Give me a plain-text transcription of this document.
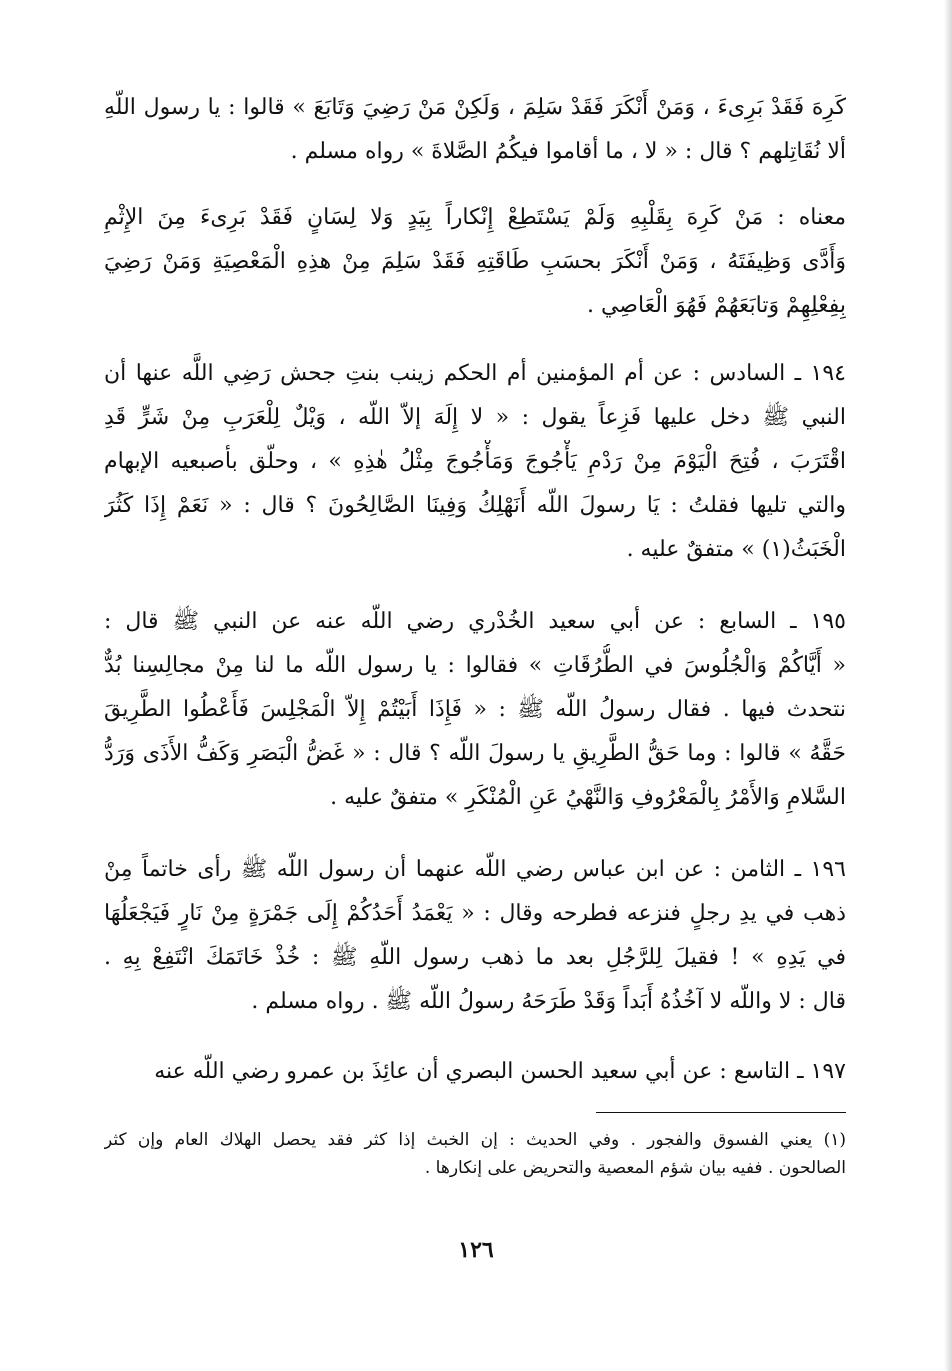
كَرِهَ فَقَدْ بَرِىءَ ، وَمَنْ أَنْكَرَ فَقَدْ سَلِمَ ، وَلَكِنْ مَنْ رَضِيَ وَتَابَعَ » قالوا : يا رسول اللّهِ
ألا نُقَاتِلهم ؟ قال : « لا ، ما أقاموا فيكُمُ الصَّلاةَ » رواه مسلم .
معناه : مَنْ كَرِهَ بِقَلْبِهِ وَلَمْ يَسْتَطِعْ إِنْكاراً بِيَدٍ وَلا لِسَانٍ فَقَدْ بَرِىءَ مِنَ الإِثْمِ
وَأَدَّى وَظِيفَتَهُ ، وَمَنْ أَنْكَرَ بحسَبِ طَاقَتِهِ فَقَدْ سَلِمَ مِنْ هذِهِ الْمَعْصِيَةِ وَمَنْ رَضِيَ
بِفِعْلِهِمْ وَتابَعَهُمْ فَهُوَ الْعَاصِي .
١٩٤ ـ السادس : عن أم المؤمنين أم الحكم زينب بنتِ جحش رَضِي اللَّه عنها أن
النبي ﷺ دخل عليها فَزِعاً يقول : « لا إِلَهَ إلاّ اللّه ، وَيْلٌ لِلْعَرَبِ مِنْ شَرٍّ قَدِ
اقْتَرَبَ ، فُتِحَ الْيَوْمَ مِنْ رَدْمِ يَأْجُوجَ وَمَأْجُوجَ مِثْلُ هٰذِهِ » ، وحلّق بأصبعيه الإبهام
والتي تليها فقلتُ : يَا رسولَ اللّه أَنَهْلِكُ وَفِينَا الصَّالِحُونَ ؟ قال : « نَعَمْ إِذَا كَثُرَ
الْخَبَثُ(١) » متفقٌ عليه .
١٩٥ ـ السابع : عن أبي سعيد الخُدْري رضي اللّه عنه عن النبي ﷺ قال :
« أَيَّاكُمْ وَالْجُلُوسَ في الطُّرُقَاتِ » فقالوا : يا رسول اللّه ما لنا مِنْ مجالِسِنا بُدٌّ
نتحدث فيها . فقال رسولُ اللّه ﷺ : « فَإِذَا أَبَيْتُمْ إِلاّ الْمَجْلِسَ فَأَعْطُوا الطَّرِيقَ
حَقَّهُ » قالوا : وما حَقُّ الطَّرِيقِ يا رسولَ اللّه ؟ قال : « غَضُّ الْبَصَرِ وَكَفُّ الأَذَى وَرَدُّ
السَّلامِ وَالأَمْرُ بِالْمَعْرُوفِ وَالنَّهْيُ عَنِ الْمُنْكَرِ » متفقٌ عليه .
١٩٦ ـ الثامن : عن ابن عباس رضي اللّه عنهما أن رسول اللّه ﷺ رأى خاتماً مِنْ
ذهب في يدِ رجلٍ فنزعه فطرحه وقال : « يَعْمَدُ أَحَدُكُمْ إِلَى جَمْرَةٍ مِنْ نَارٍ فَيَجْعَلُهَا
في يَدِهِ » ! فقيلَ لِلرَّجُلِ بعد ما ذهب رسول اللّهِ ﷺ : خُذْ خَاتَمَكَ انْتَفِعْ بِهِ .
قال : لا واللّه لا آخُذُهُ أَبَداً وَقَدْ طَرَحَهُ رسولُ اللّه ﷺ . رواه مسلم .
١٩٧ ـ التاسع : عن أبي سعيد الحسن البصري أن عائِذَ بن عمرو رضي اللّه عنه
(١) يعني الفسوق والفجور . وفي الحديث : إن الخبث إذا كثر فقد يحصل الهلاك العام وإن كثر
الصالحون . ففيه بيان شؤم المعصية والتحريض على إنكارها .
١٢٦
